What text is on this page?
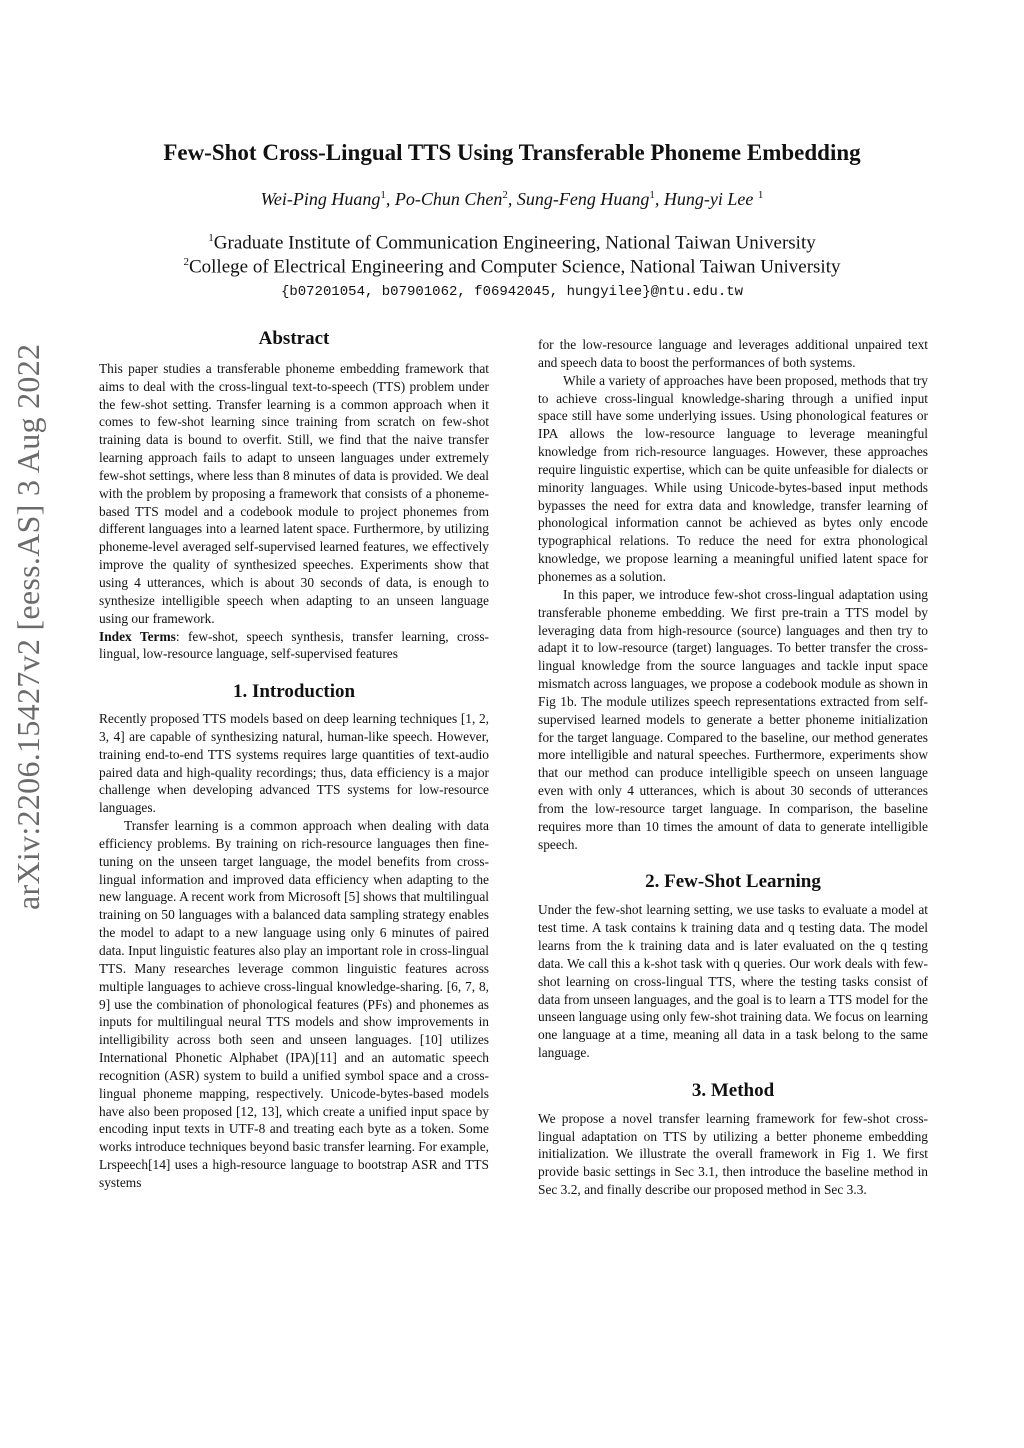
arXiv:2206.15427v2 [eess.AS] 3 Aug 2022
Few-Shot Cross-Lingual TTS Using Transferable Phoneme Embedding
Wei-Ping Huang$^1$, Po-Chun Chen$^2$, Sung-Feng Huang$^1$, Hung-yi Lee $^1$
$^1$Graduate Institute of Communication Engineering, National Taiwan University
$^2$College of Electrical Engineering and Computer Science, National Taiwan University
{b07201054, b07901062, f06942045, hungyilee}@ntu.edu.tw
Abstract

This paper studies a transferable phoneme embedding framework that aims to deal with the cross-lingual text-to-speech (TTS) problem under the few-shot setting. Transfer learning is a common approach when it comes to few-shot learning since training from scratch on few-shot training data is bound to overfit. Still, we find that the naive transfer learning approach fails to adapt to unseen languages under extremely few-shot settings, where less than 8 minutes of data is provided. We deal with the problem by proposing a framework that consists of a phoneme-based TTS model and a codebook module to project phonemes from different languages into a learned latent space. Furthermore, by utilizing phoneme-level averaged self-supervised learned features, we effectively improve the quality of synthesized speeches. Experiments show that using 4 utterances, which is about 30 seconds of data, is enough to synthesize intelligible speech when adapting to an unseen language using our framework.

Index Terms: few-shot, speech synthesis, transfer learning, cross-lingual, low-resource language, self-supervised features

1. Introduction

Recently proposed TTS models based on deep learning techniques [1, 2, 3, 4] are capable of synthesizing natural, human-like speech. However, training end-to-end TTS systems requires large quantities of text-audio paired data and high-quality recordings; thus, data efficiency is a major challenge when developing advanced TTS systems for low-resource languages.

Transfer learning is a common approach when dealing with data efficiency problems. By training on rich-resource languages then fine-tuning on the unseen target language, the model benefits from cross-lingual information and improved data efficiency when adapting to the new language. A recent work from Microsoft [5] shows that multilingual training on 50 languages with a balanced data sampling strategy enables the model to adapt to a new language using only 6 minutes of paired data. Input linguistic features also play an important role in cross-lingual TTS. Many researches leverage common linguistic features across multiple languages to achieve cross-lingual knowledge-sharing. [6, 7, 8, 9] use the combination of phonological features (PFs) and phonemes as inputs for multilingual neural TTS models and show improvements in intelligibility across both seen and unseen languages. [10] utilizes International Phonetic Alphabet (IPA)[11] and an automatic speech recognition (ASR) system to build a unified symbol space and a cross-lingual phoneme mapping, respectively. Unicode-bytes-based models have also been proposed [12, 13], which create a unified input space by encoding input texts in UTF-8 and treating each byte as a token. Some works introduce techniques beyond basic transfer learning. For example, Lrspeech[14] uses a high-resource language to bootstrap ASR and TTS systems

for the low-resource language and leverages additional unpaired text and speech data to boost the performances of both systems.

While a variety of approaches have been proposed, methods that try to achieve cross-lingual knowledge-sharing through a unified input space still have some underlying issues. Using phonological features or IPA allows the low-resource language to leverage meaningful knowledge from rich-resource languages. However, these approaches require linguistic expertise, which can be quite unfeasible for dialects or minority languages. While using Unicode-bytes-based input methods bypasses the need for extra data and knowledge, transfer learning of phonological information cannot be achieved as bytes only encode typographical relations. To reduce the need for extra phonological knowledge, we propose learning a meaningful unified latent space for phonemes as a solution.

In this paper, we introduce few-shot cross-lingual adaptation using transferable phoneme embedding. We first pre-train a TTS model by leveraging data from high-resource (source) languages and then try to adapt it to low-resource (target) languages. To better transfer the cross-lingual knowledge from the source languages and tackle input space mismatch across languages, we propose a codebook module as shown in Fig 1b. The module utilizes speech representations extracted from self-supervised learned models to generate a better phoneme initialization for the target language. Compared to the baseline, our method generates more intelligible and natural speeches. Furthermore, experiments show that our method can produce intelligible speech on unseen language even with only 4 utterances, which is about 30 seconds of utterances from the low-resource target language. In comparison, the baseline requires more than 10 times the amount of data to generate intelligible speech.

2. Few-Shot Learning

Under the few-shot learning setting, we use tasks to evaluate a model at test time. A task contains k training data and q testing data. The model learns from the k training data and is later evaluated on the q testing data. We call this a k-shot task with q queries. Our work deals with few-shot learning on cross-lingual TTS, where the testing tasks consist of data from unseen languages, and the goal is to learn a TTS model for the unseen language using only few-shot training data. We focus on learning one language at a time, meaning all data in a task belong to the same language.

3. Method

We propose a novel transfer learning framework for few-shot cross-lingual adaptation on TTS by utilizing a better phoneme embedding initialization. We illustrate the overall framework in Fig 1. We first provide basic settings in Sec 3.1, then introduce the baseline method in Sec 3.2, and finally describe our proposed method in Sec 3.3.
